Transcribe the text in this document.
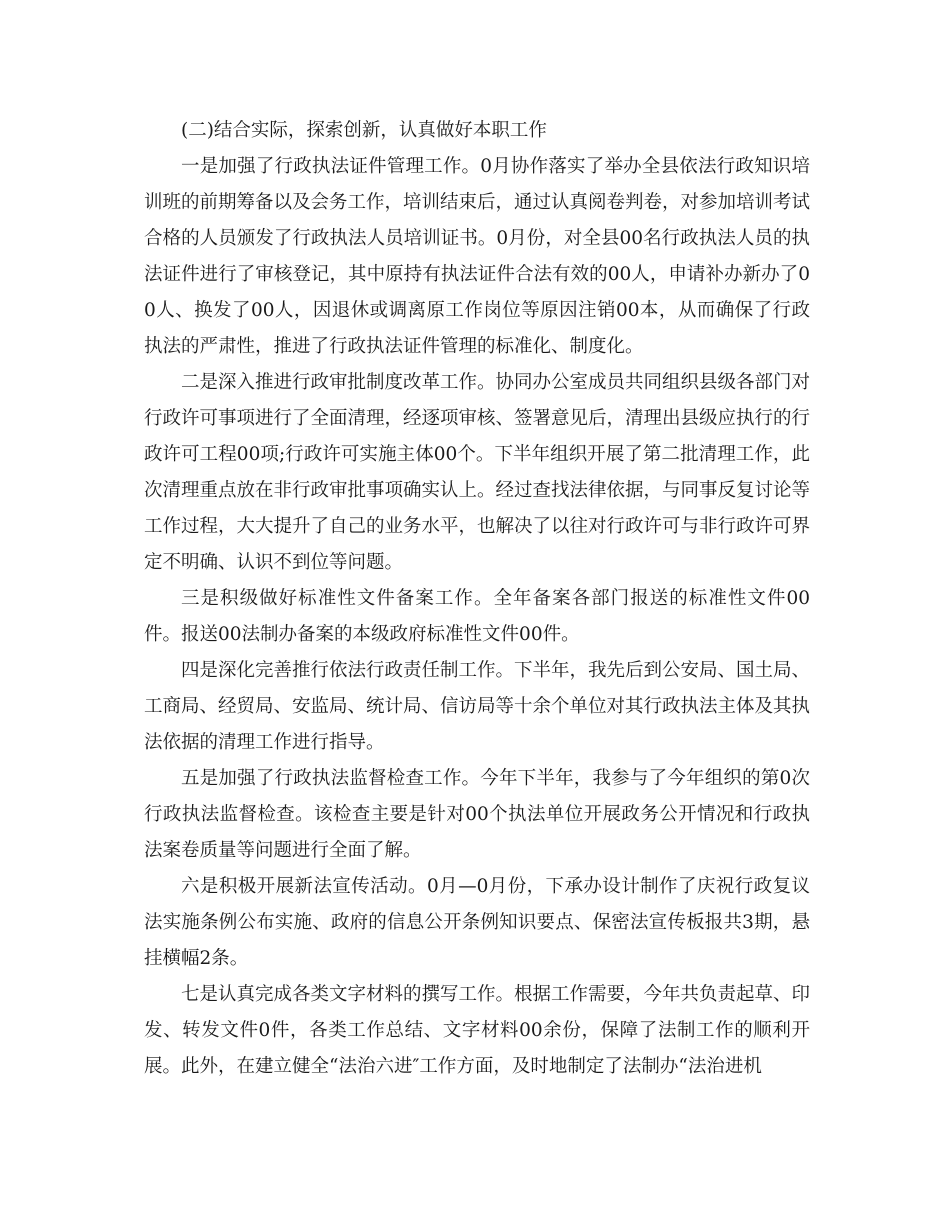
(二)结合实际，探索创新，认真做好本职工作

一是加强了行政执法证件管理工作。0月协作落实了举办全县依法行政知识培训班的前期筹备以及会务工作，培训结束后，通过认真阅卷判卷，对参加培训考试合格的人员颁发了行政执法人员培训证书。0月份，对全县00名行政执法人员的执法证件进行了审核登记，其中原持有执法证件合法有效的00人，申请补办新办了00人、换发了00人，因退休或调离原工作岗位等原因注销00本，从而确保了行政执法的严肃性，推进了行政执法证件管理的标准化、制度化。

二是深入推进行政审批制度改革工作。协同办公室成员共同组织县级各部门对行政许可事项进行了全面清理，经逐项审核、签署意见后，清理出县级应执行的行政许可工程00项;行政许可实施主体00个。下半年组织开展了第二批清理工作，此次清理重点放在非行政审批事项确实认上。经过查找法律依据，与同事反复讨论等工作过程，大大提升了自己的业务水平，也解决了以往对行政许可与非行政许可界定不明确、认识不到位等问题。

三是积级做好标准性文件备案工作。全年备案各部门报送的标准性文件00件。报送00法制办备案的本级政府标准性文件00件。

四是深化完善推行依法行政责任制工作。下半年，我先后到公安局、国土局、工商局、经贸局、安监局、统计局、信访局等十余个单位对其行政执法主体及其执法依据的清理工作进行指导。

五是加强了行政执法监督检查工作。今年下半年，我参与了今年组织的第0次行政执法监督检查。该检查主要是针对00个执法单位开展政务公开情况和行政执法案卷质量等问题进行全面了解。

六是积极开展新法宣传活动。0月—0月份，下承办设计制作了庆祝行政复议法实施条例公布实施、政府的信息公开条例知识要点、保密法宣传板报共3期，悬挂横幅2条。

七是认真完成各类文字材料的撰写工作。根据工作需要，今年共负责起草、印发、转发文件0件，各类工作总结、文字材料00余份，保障了法制工作的顺利开展。此外，在建立健全“法治六进″工作方面，及时地制定了法制办“法治进机
